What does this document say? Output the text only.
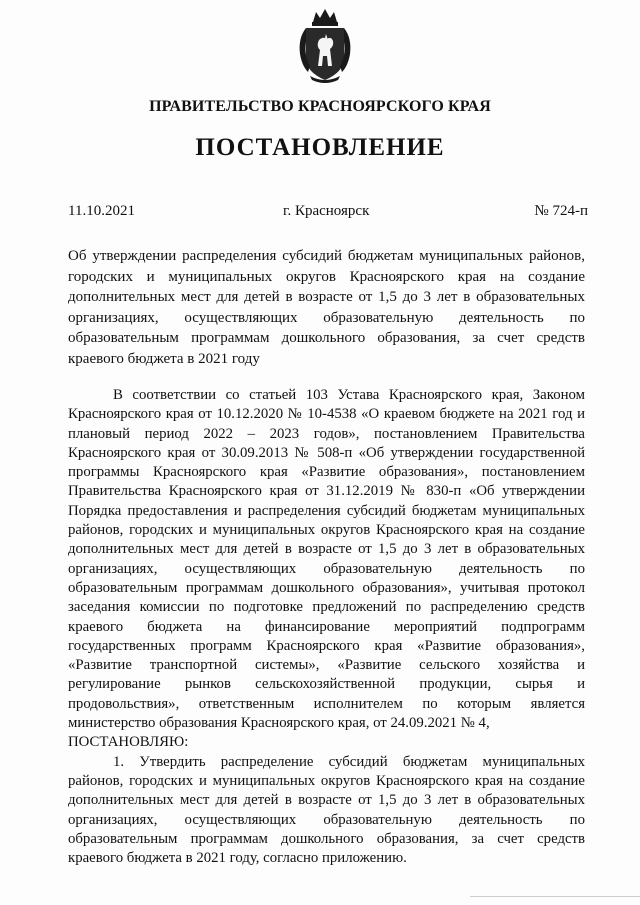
ПРАВИТЕЛЬСТВО КРАСНОЯРСКОГО КРАЯ
ПОСТАНОВЛЕНИЕ
11.10.2021	г. Красноярск	№ 724-п
Об утверждении распределения субсидий бюджетам муниципальных районов, городских и муниципальных округов Красноярского края на создание дополнительных мест для детей в возрасте от 1,5 до 3 лет в образовательных организациях, осуществляющих образовательную деятельность по образовательным программам дошкольного образования, за счет средств краевого бюджета в 2021 году

В соответствии со статьей 103 Устава Красноярского края, Законом Красноярского края от 10.12.2020 № 10-4538 «О краевом бюджете на 2021 год и плановый период 2022 – 2023 годов», постановлением Правительства Красноярского края от 30.09.2013 № 508-п «Об утверждении государственной программы Красноярского края «Развитие образования», постановлением Правительства Красноярского края от 31.12.2019 № 830-п «Об утверждении Порядка предоставления и распределения субсидий бюджетам муниципальных районов, городских и муниципальных округов Красноярского края на создание дополнительных мест для детей в возрасте от 1,5 до 3 лет в образовательных организациях, осуществляющих образовательную деятельность по образовательным программам дошкольного образования», учитывая протокол заседания комиссии по подготовке предложений по распределению средств краевого бюджета на финансирование мероприятий подпрограмм государственных программ Красноярского края «Развитие образования», «Развитие транспортной системы», «Развитие сельского хозяйства и регулирование рынков сельскохозяйственной продукции, сырья и продовольствия», ответственным исполнителем по которым является министерство образования Красноярского края, от 24.09.2021 № 4,

ПОСТАНОВЛЯЮ:

1. Утвердить распределение субсидий бюджетам муниципальных районов, городских и муниципальных округов Красноярского края на создание дополнительных мест для детей в возрасте от 1,5 до 3 лет в образовательных организациях, осуществляющих образовательную деятельность по образовательным программам дошкольного образования, за счет средств краевого бюджета в 2021 году, согласно приложению.
